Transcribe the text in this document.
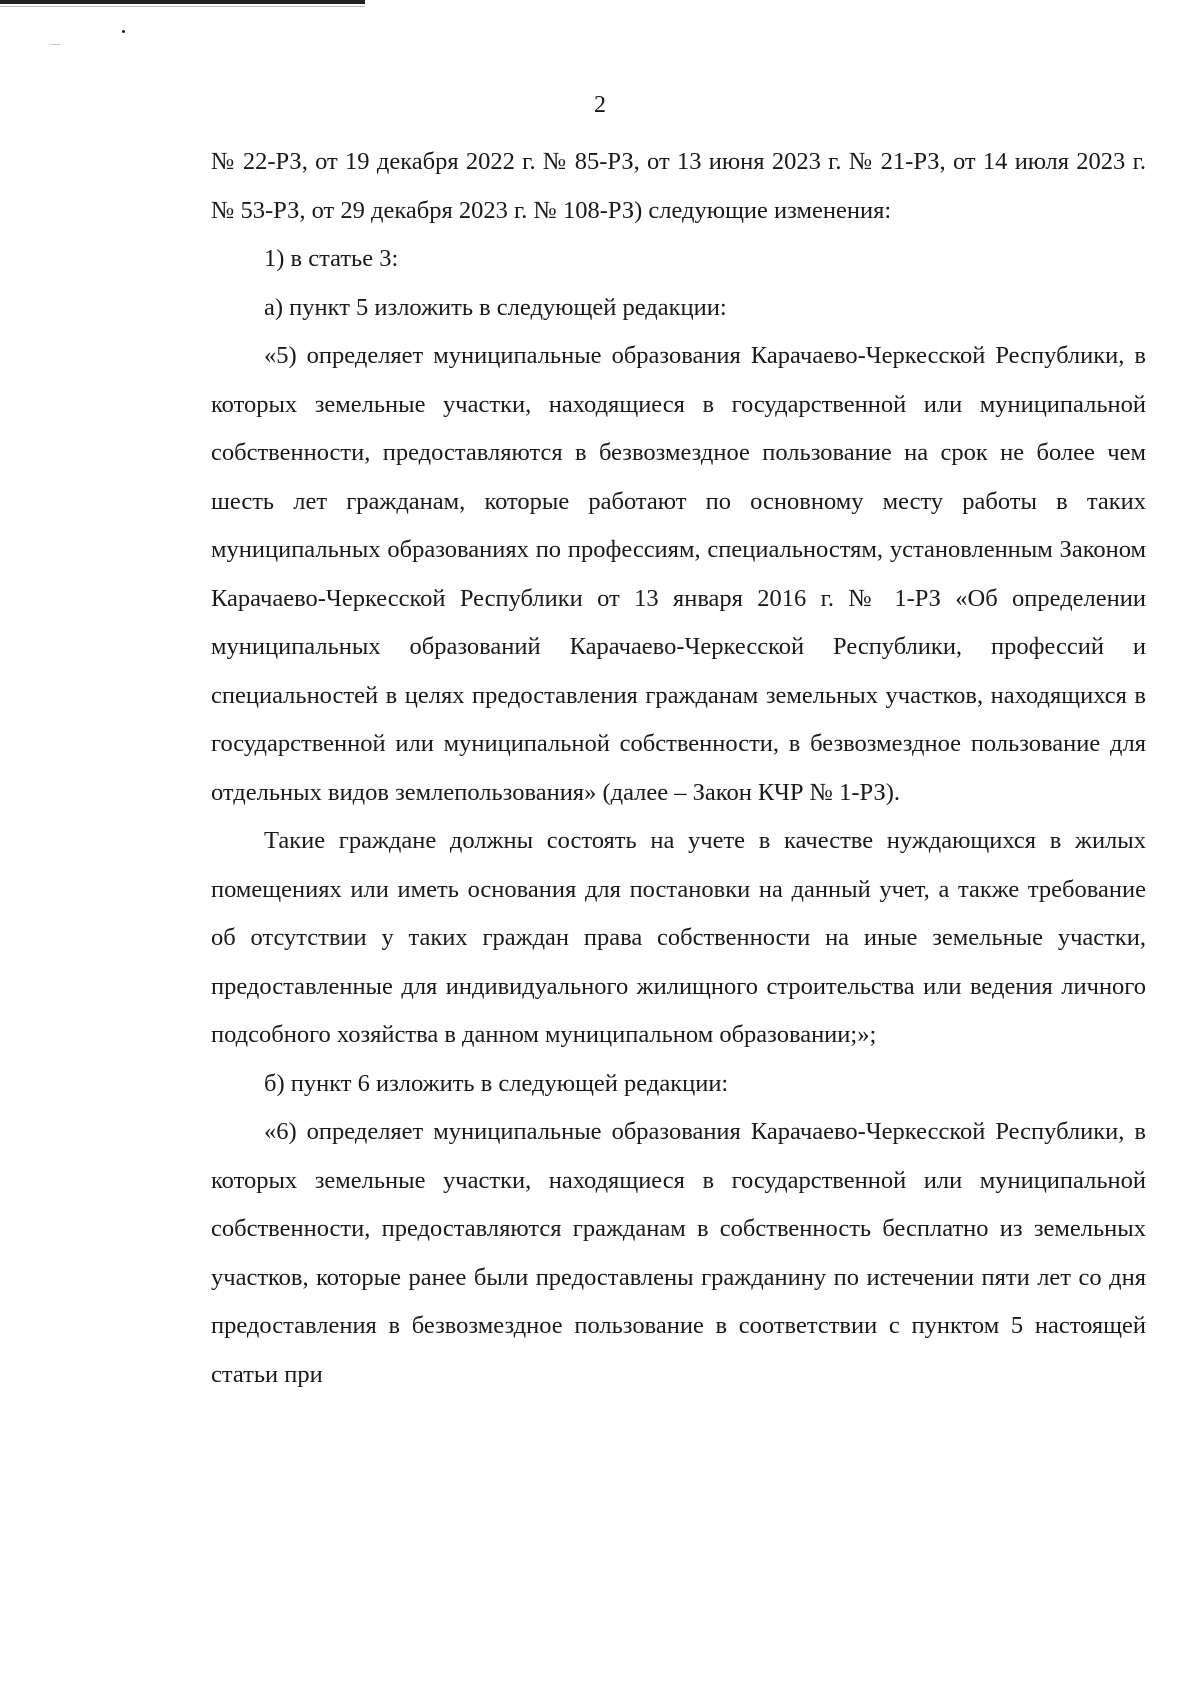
2

№ 22-РЗ, от 19 декабря 2022 г. № 85-РЗ, от 13 июня 2023 г. № 21-РЗ, от 14 июля 2023 г. № 53-РЗ, от 29 декабря 2023 г. № 108-РЗ) следующие изменения:

1) в статье 3:

а) пункт 5 изложить в следующей редакции:

«5) определяет муниципальные образования Карачаево-Черкесской Республики, в которых земельные участки, находящиеся в государственной или муниципальной собственности, предоставляются в безвозмездное пользование на срок не более чем шесть лет гражданам, которые работают по основному месту работы в таких муниципальных образованиях по профессиям, специальностям, установленным Законом Карачаево-Черкесской Республики от 13 января 2016 г. № 1-РЗ «Об определении муниципальных образований Карачаево-Черкесской Республики, профессий и специальностей в целях предоставления гражданам земельных участков, находящихся в государственной или муниципальной собственности, в безвозмездное пользование для отдельных видов землепользования» (далее – Закон КЧР № 1-РЗ).

Такие граждане должны состоять на учете в качестве нуждающихся в жилых помещениях или иметь основания для постановки на данный учет, а также требование об отсутствии у таких граждан права собственности на иные земельные участки, предоставленные для индивидуального жилищного строительства или ведения личного подсобного хозяйства в данном муниципальном образовании;»;

б) пункт 6 изложить в следующей редакции:

«6) определяет муниципальные образования Карачаево-Черкесской Республики, в которых земельные участки, находящиеся в государственной или муниципальной собственности, предоставляются гражданам в собственность бесплатно из земельных участков, которые ранее были предоставлены гражданину по истечении пяти лет со дня предоставления в безвозмездное пользование в соответствии с пунктом 5 настоящей статьи при
